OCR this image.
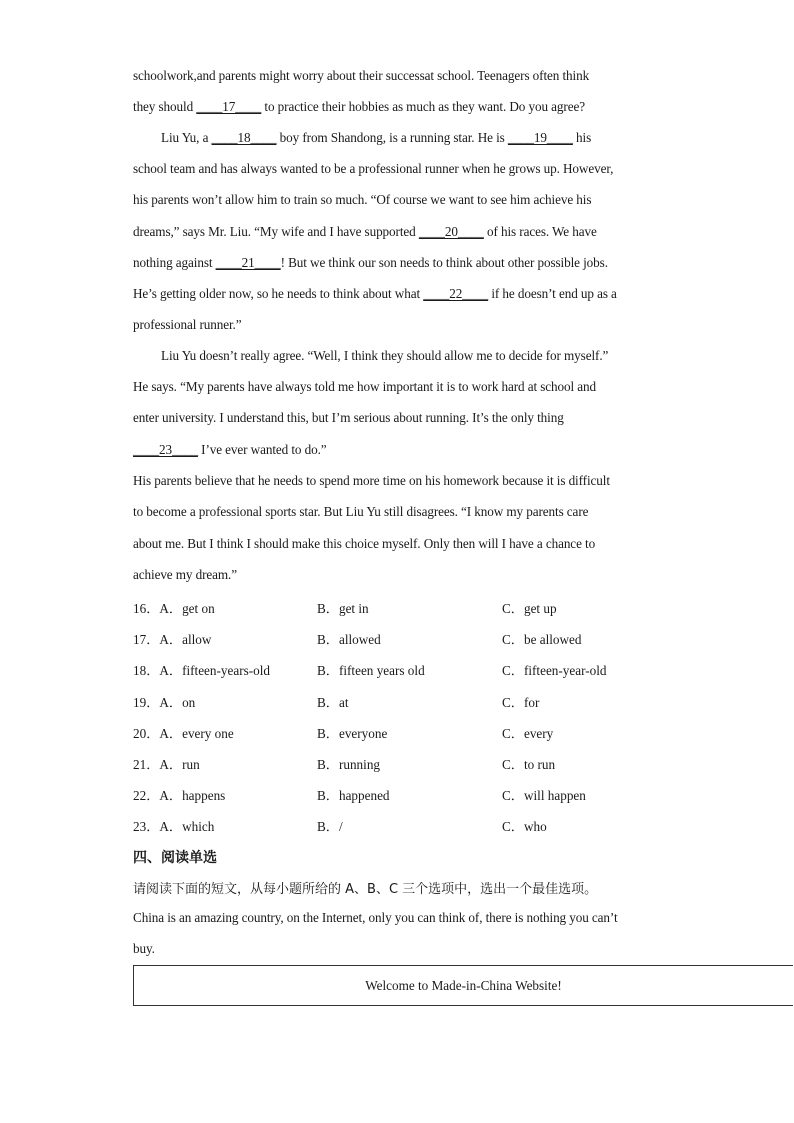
schoolwork,and parents might worry about their successat school. Teenagers often think
they should ____17____ to practice their hobbies as much as they want. Do you agree?
Liu Yu, a ____18____ boy from Shandong, is a running star. He is ____19____ his
school team and has always wanted to be a professional runner when he grows up. However,
his parents won’t allow him to train so much. “Of course we want to see him achieve his
dreams,” says Mr. Liu. “My wife and I have supported ____20____ of his races. We have
nothing against ____21____! But we think our son needs to think about other possible jobs.
He’s getting older now, so he needs to think about what ____22____ if he doesn’t end up as a
professional runner.”
Liu Yu doesn’t really agree. “Well, I think they should allow me to decide for myself.”
He says. “My parents have always told me how important it is to work hard at school and
enter university. I understand this, but I’m serious about running. It’s the only thing
____23____ I’ve ever wanted to do.”
His parents believe that he needs to spend more time on his homework because it is difficult
to become a professional sports star. But Liu Yu still disagrees. “I know my parents care
about me. But I think I should make this choice myself. Only then will I have a chance to
achieve my dream.”
16．A．get on	B．get in	C．get up
17．A．allow	B．allowed	C．be allowed
18．A．fifteen-years-old	B．fifteen years old	C．fifteen-year-old
19．A．on	B．at	C．for
20．A．every one	B．everyone	C．every
21．A．run	B．running	C．to run
22．A．happens	B．happened	C．will happen
23．A．which	B．/	C．who
四、阅读单选
请阅读下面的短文，从每小题所给的 A、B、C 三个选项中，选出一个最佳选项。
China is an amazing country, on the Internet, only you can think of, there is nothing you can’t
buy.
Welcome to Made-in-China Website!
